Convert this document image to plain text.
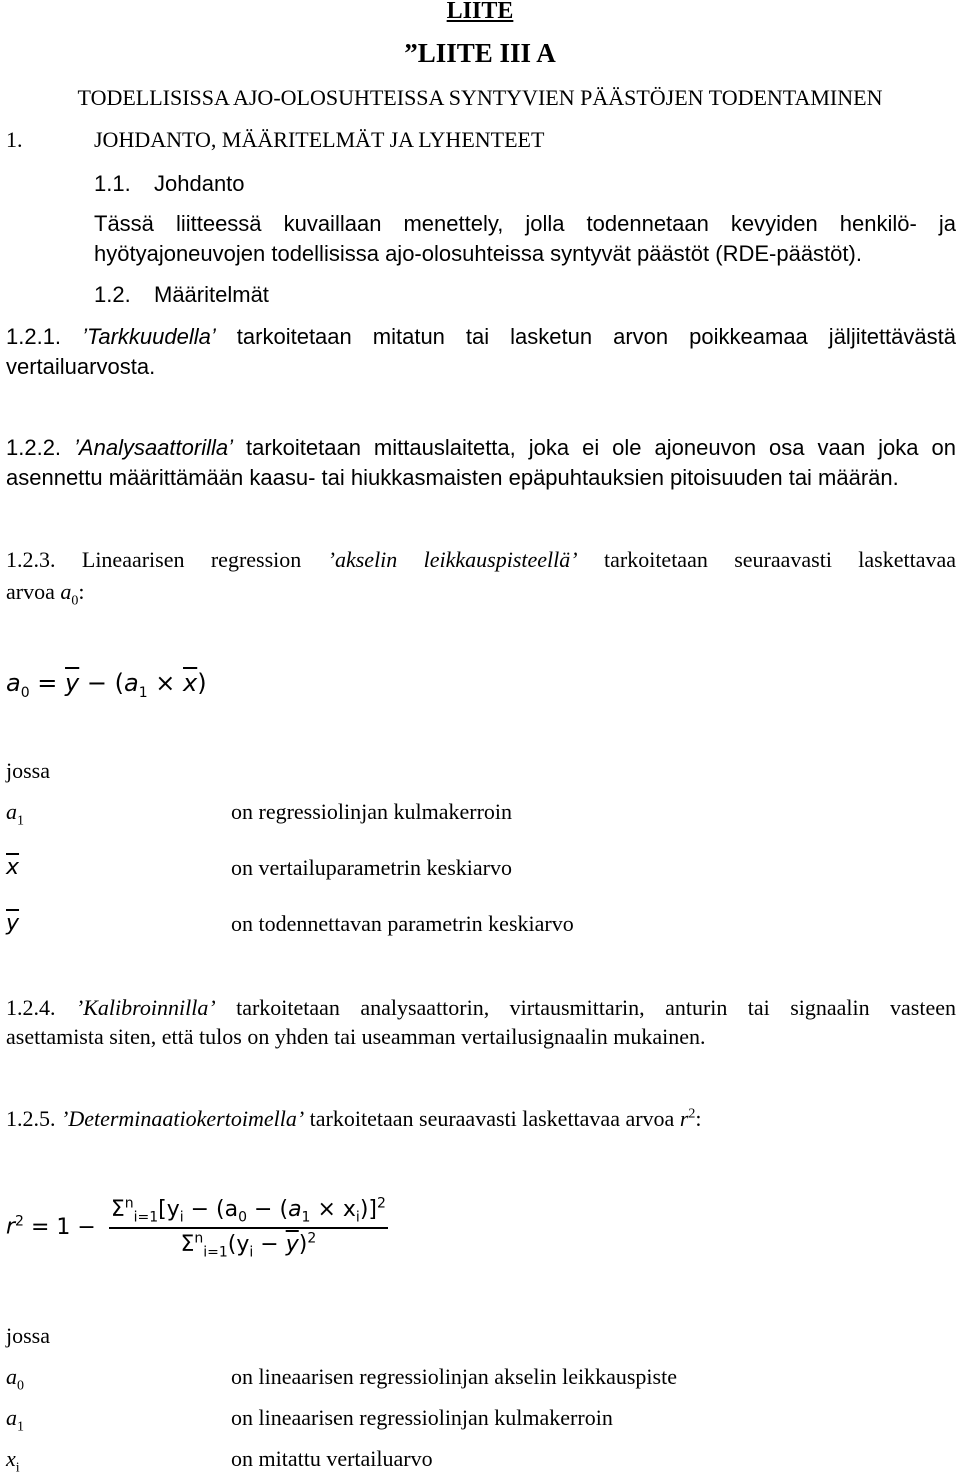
LIITE
”LIITE III A
TODELLISISSA AJO-OLOSUHTEISSA SYNTYVIEN PÄÄSTÖJEN TODENTAMINEN
1.	JOHDANTO, MÄÄRITELMÄT JA LYHENTEET
1.1. Johdanto
Tässä liitteessä kuvaillaan menettely, jolla todennetaan kevyiden henkilö- ja
hyötyajoneuvojen todellisissa ajo-olosuhteissa syntyvät päästöt (RDE-päästöt).
1.2. Määritelmät
1.2.1. ’Tarkkuudella’ tarkoitetaan mitatun tai lasketun arvon poikkeamaa jäljitettävästä
vertailuarvosta.
1.2.2. ’Analysaattorilla’ tarkoitetaan mittauslaitetta, joka ei ole ajoneuvon osa vaan joka on
asennettu määrittämään kaasu- tai hiukkasmaisten epäpuhtauksien pitoisuuden tai määrän.
1.2.3. Lineaarisen regression ’akselin leikkauspisteellä’ tarkoitetaan seuraavasti laskettavaa
arvoa $a_0$:
$a_0 = \overline{y} - (a_1 \times \overline{x})$
jossa
$a_1$	on regressiolinjan kulmakerroin
$\overline{x}$	on vertailuparametrin keskiarvo
$\overline{y}$	on todennettavan parametrin keskiarvo
1.2.4. ’Kalibroinnilla’ tarkoitetaan analysaattorin, virtausmittarin, anturin tai signaalin vasteen
asettamista siten, että tulos on yhden tai useamman vertailusignaalin mukainen.
1.2.5. ’Determinaatiokertoimella’ tarkoitetaan seuraavasti laskettavaa arvoa $r^2$:
$r^2 = 1 - \frac{\Sigma^n_{i=1}[y_i - (a_0 - (a_1 \times x_i)]^2}{\Sigma^n_{i=1}(y_i - \overline{y})^2}$
jossa
$a_0$	on lineaarisen regressiolinjan akselin leikkauspiste
$a_1$	on lineaarisen regressiolinjan kulmakerroin
$x_i$	on mitattu vertailuarvo
